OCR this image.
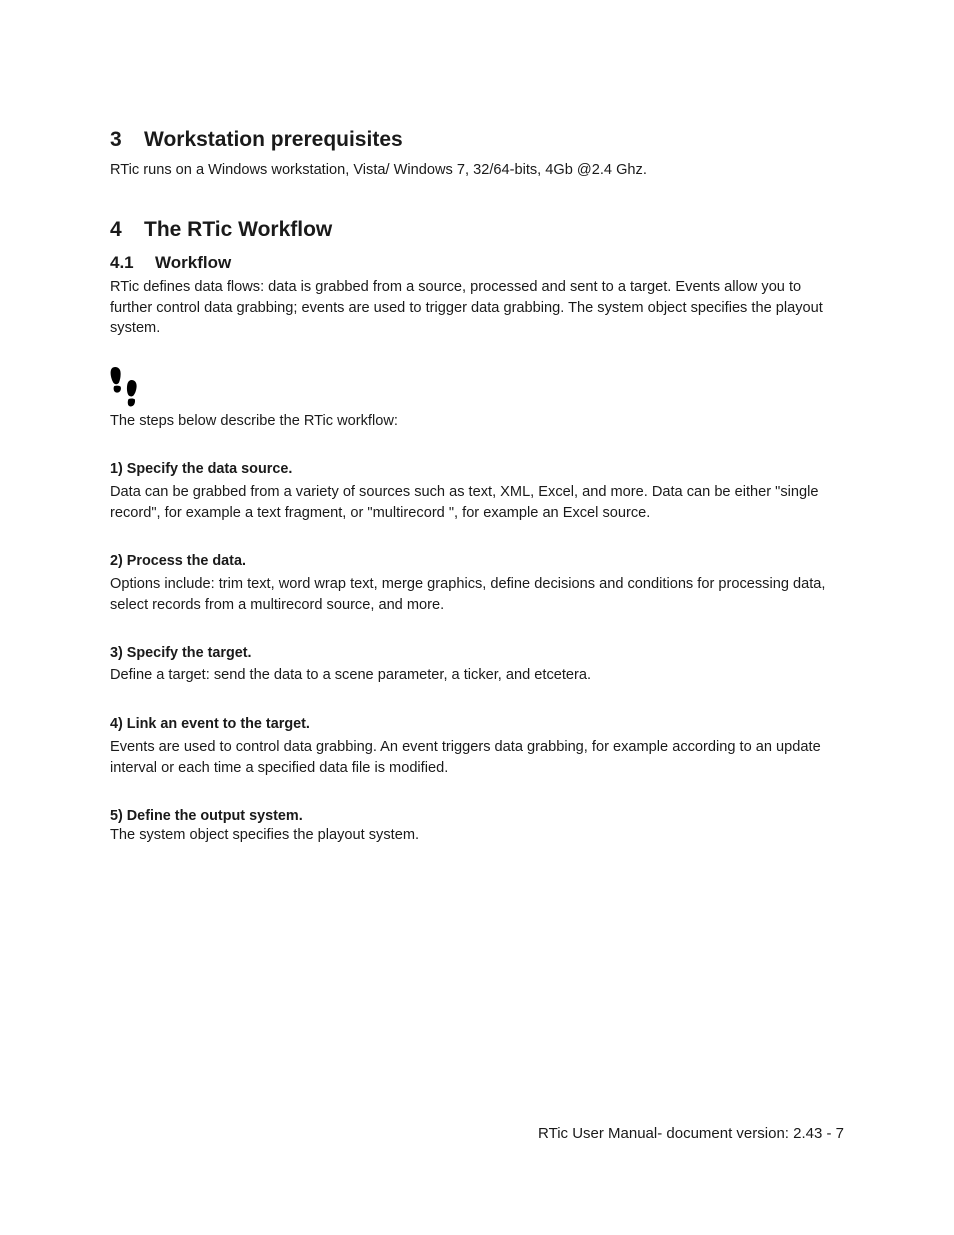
3 Workstation prerequisites

RTic runs on a Windows workstation, Vista/ Windows 7, 32/64-bits, 4Gb @2.4 Ghz.

4 The RTic Workflow
4.1 Workflow

RTic defines data flows: data is grabbed from a source, processed and sent to a target. Events allow you to further control data grabbing; events are used to trigger data grabbing. The system object specifies the playout system.

The steps below describe the RTic workflow:

1) Specify the data source.

Data can be grabbed from a variety of sources such as text, XML, Excel, and more. Data can be either "single record", for example a text fragment, or "multirecord ", for example an Excel source.

2) Process the data.

Options include: trim text, word wrap text, merge graphics, define decisions and conditions for processing data, select records from a multirecord source, and more.

3) Specify the target.

Define a target: send the data to a scene parameter, a ticker, and etcetera.

4) Link an event to the target.

Events are used to control data grabbing. An event triggers data grabbing, for example according to an update interval or each time a specified data file is modified.

5) Define the output system.

The system object specifies the playout system.

RTic User Manual- document version: 2.43 - 7
